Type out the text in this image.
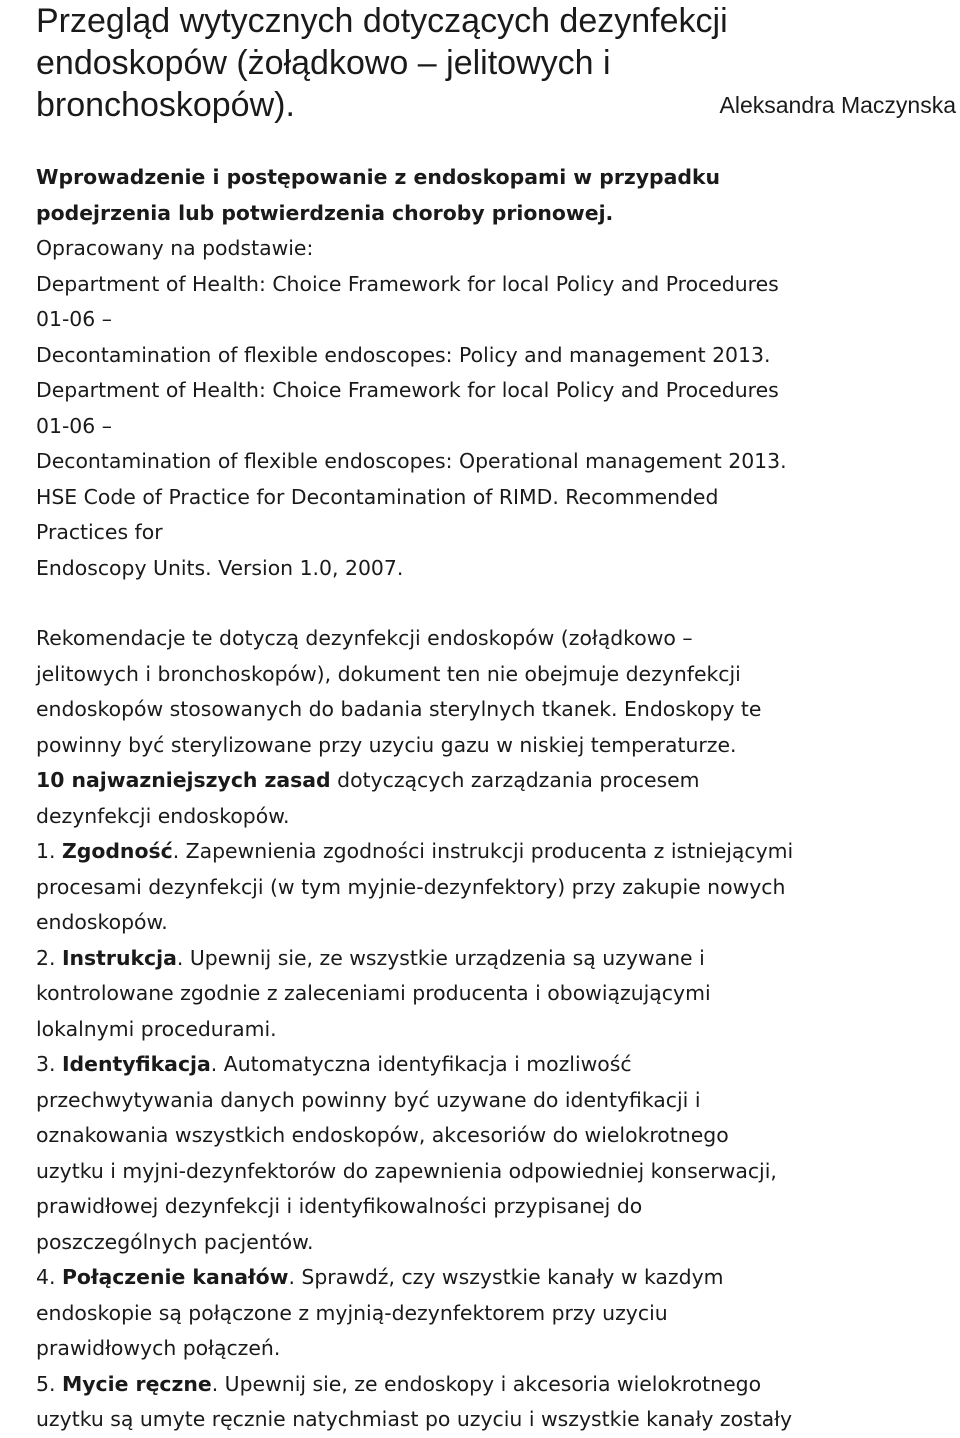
Przegląd wytycznych dotyczących dezynfekcji
endoskopów (żołądkowo – jelitowych i
bronchoskopów).	Aleksandra Maczynska
Wprowadzenie i postępowanie z endoskopami w przypadku
podejrzenia lub potwierdzenia choroby prionowej.
Opracowany na podstawie:
Department of Health: Choice Framework for local Policy and Procedures
01-06 –
Decontamination of flexible endoscopes: Policy and management 2013.
Department of Health: Choice Framework for local Policy and Procedures
01-06 –
Decontamination of flexible endoscopes: Operational management 2013.
HSE Code of Practice for Decontamination of RIMD. Recommended
Practices for
Endoscopy Units. Version 1.0, 2007.
Rekomendacje te dotyczą dezynfekcji endoskopów (zołądkowo –
jelitowych i bronchoskopów), dokument ten nie obejmuje dezynfekcji
endoskopów stosowanych do badania sterylnych tkanek. Endoskopy te
powinny być sterylizowane przy uzyciu gazu w niskiej temperaturze.
10 najwazniejszych zasad dotyczących zarządzania procesem
dezynfekcji endoskopów.
1. Zgodność. Zapewnienia zgodności instrukcji producenta z istniejącymi
procesami dezynfekcji (w tym myjnie-dezynfektory) przy zakupie nowych
endoskopów.
2. Instrukcja. Upewnij sie, ze wszystkie urządzenia są uzywane i
kontrolowane zgodnie z zaleceniami producenta i obowiązującymi
lokalnymi procedurami.
3. Identyfikacja. Automatyczna identyfikacja i mozliwość
przechwytywania danych powinny być uzywane do identyfikacji i
oznakowania wszystkich endoskopów, akcesoriów do wielokrotnego
uzytku i myjni-dezynfektorów do zapewnienia odpowiedniej konserwacji,
prawidłowej dezynfekcji i identyfikowalności przypisanej do
poszczególnych pacjentów.
4. Połączenie kanałów. Sprawdź, czy wszystkie kanały w kazdym
endoskopie są połączone z myjnią-dezynfektorem przy uzyciu
prawidłowych połączeń.
5. Mycie ręczne. Upewnij sie, ze endoskopy i akcesoria wielokrotnego
uzytku są umyte ręcznie natychmiast po uzyciu i wszystkie kanały zostały
